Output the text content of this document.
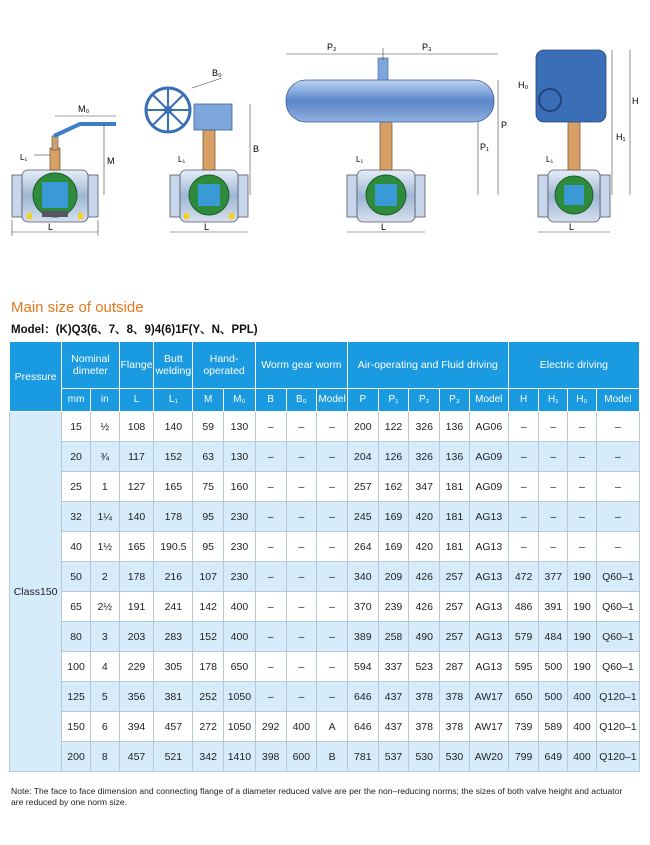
L
M
M₀
L₁
L
B
B₀
L₁
P₂	P₃
P
P₁
L
L₁
H₁
H
H₀
L
L₁
Main size of outside
Model：(K)Q3(6、7、8、9)4(6)1F(Y、N、PPL)
Pressure	Nominal dimeter		Flange	Butt welding	Hand-operated		Worm gear worm			Air-operating and Fluid driving					Electric driving			
	mm	in	L	L₁	M	M₀	B	B₀	Model	P	P₁	P₂	P₃	Model	H	H₁	H₀	Model
Class150	15	½	108	140	59	130	–	–	–	200	122	326	136	AG06	–	–	–	–
	20	¾	117	152	63	130	–	–	–	204	126	326	136	AG09	–	–	–	–
	25	1	127	165	75	160	–	–	–	257	162	347	181	AG09	–	–	–	–
	32	1¼	140	178	95	230	–	–	–	245	169	420	181	AG13	–	–	–	–
	40	1½	165	190.5	95	230	–	–	–	264	169	420	181	AG13	–	–	–	–
	50	2	178	216	107	230	–	–	–	340	209	426	257	AG13	472	377	190	Q60–1
	65	2½	191	241	142	400	–	–	–	370	239	426	257	AG13	486	391	190	Q60–1
	80	3	203	283	152	400	–	–	–	389	258	490	257	AG13	579	484	190	Q60–1
	100	4	229	305	178	650	–	–	–	594	337	523	287	AG13	595	500	190	Q60–1
	125	5	356	381	252	1050	–	–	–	646	437	378	378	AW17	650	500	400	Q120–1
	150	6	394	457	272	1050	292	400	A	646	437	378	378	AW17	739	589	400	Q120–1
	200	8	457	521	342	1410	398	600	B	781	537	530	530	AW20	799	649	400	Q120–1

Note: The face to face dimension and connecting flange of a diameter reduced valve are per the non–reducing norms; the sizes of both valve height and actuator are reduced by one norm size.
